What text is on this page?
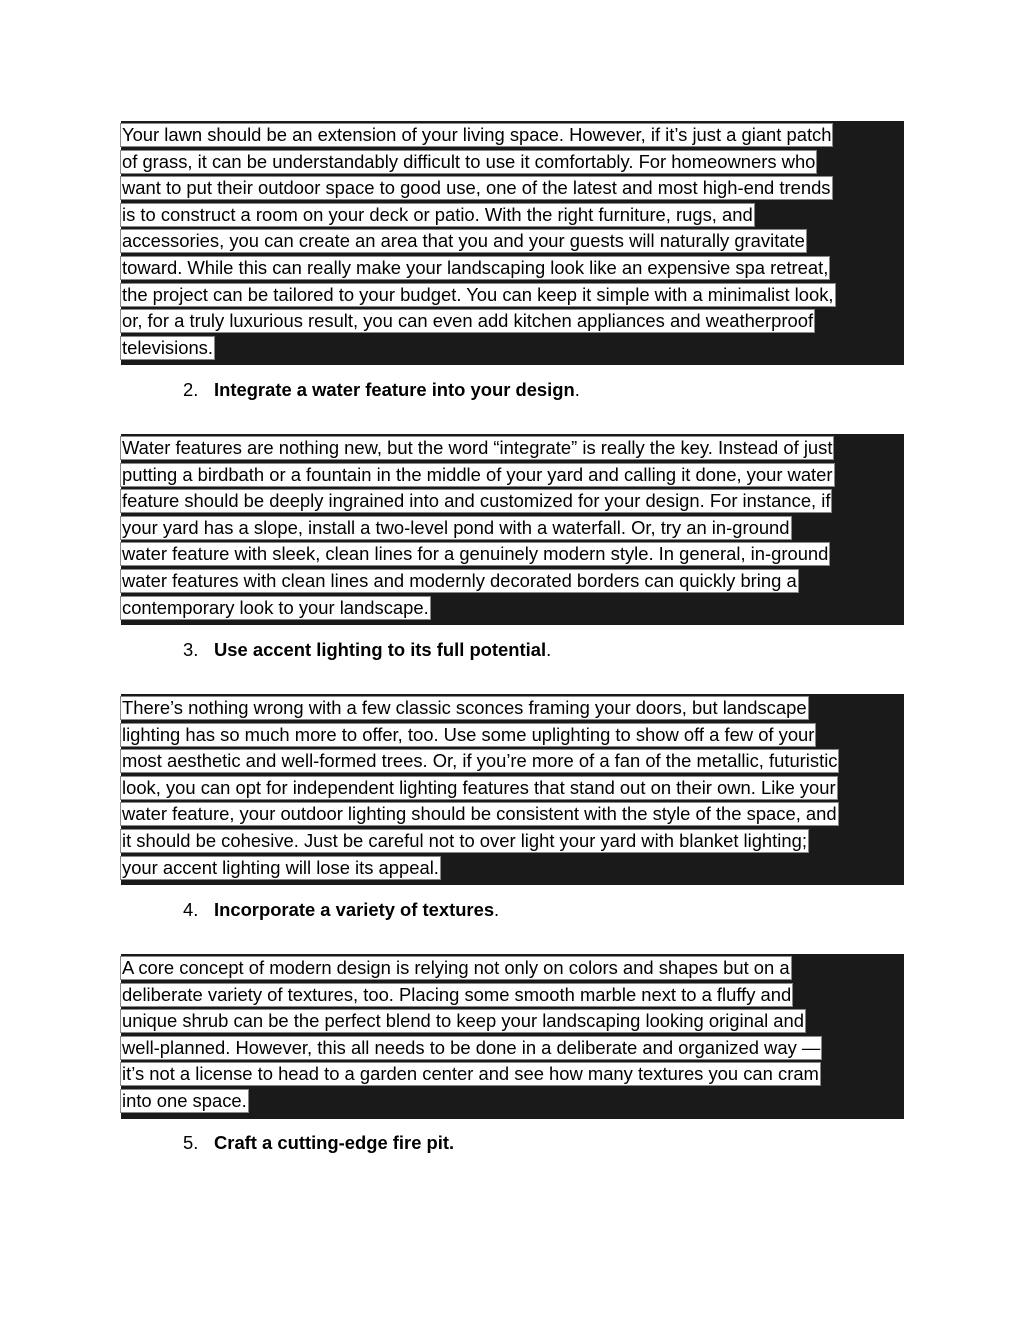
Your lawn should be an extension of your living space. However, if it’s just a giant patch
of grass, it can be understandably difficult to use it comfortably. For homeowners who
want to put their outdoor space to good use, one of the latest and most high-end trends
is to construct a room on your deck or patio. With the right furniture, rugs, and
accessories, you can create an area that you and your guests will naturally gravitate
toward. While this can really make your landscaping look like an expensive spa retreat,
the project can be tailored to your budget. You can keep it simple with a minimalist look,
or, for a truly luxurious result, you can even add kitchen appliances and weatherproof
televisions.
2. Integrate a water feature into your design.
Water features are nothing new, but the word “integrate” is really the key. Instead of just
putting a birdbath or a fountain in the middle of your yard and calling it done, your water
feature should be deeply ingrained into and customized for your design. For instance, if
your yard has a slope, install a two-level pond with a waterfall. Or, try an in-ground
water feature with sleek, clean lines for a genuinely modern style. In general, in-ground
water features with clean lines and modernly decorated borders can quickly bring a
contemporary look to your landscape.
3. Use accent lighting to its full potential.
There’s nothing wrong with a few classic sconces framing your doors, but landscape
lighting has so much more to offer, too. Use some uplighting to show off a few of your
most aesthetic and well-formed trees. Or, if you’re more of a fan of the metallic, futuristic
look, you can opt for independent lighting features that stand out on their own. Like your
water feature, your outdoor lighting should be consistent with the style of the space, and
it should be cohesive. Just be careful not to over light your yard with blanket lighting;
your accent lighting will lose its appeal.
4. Incorporate a variety of textures.
A core concept of modern design is relying not only on colors and shapes but on a
deliberate variety of textures, too. Placing some smooth marble next to a fluffy and
unique shrub can be the perfect blend to keep your landscaping looking original and
well-planned. However, this all needs to be done in a deliberate and organized way —
it’s not a license to head to a garden center and see how many textures you can cram
into one space.
5. Craft a cutting-edge fire pit.
